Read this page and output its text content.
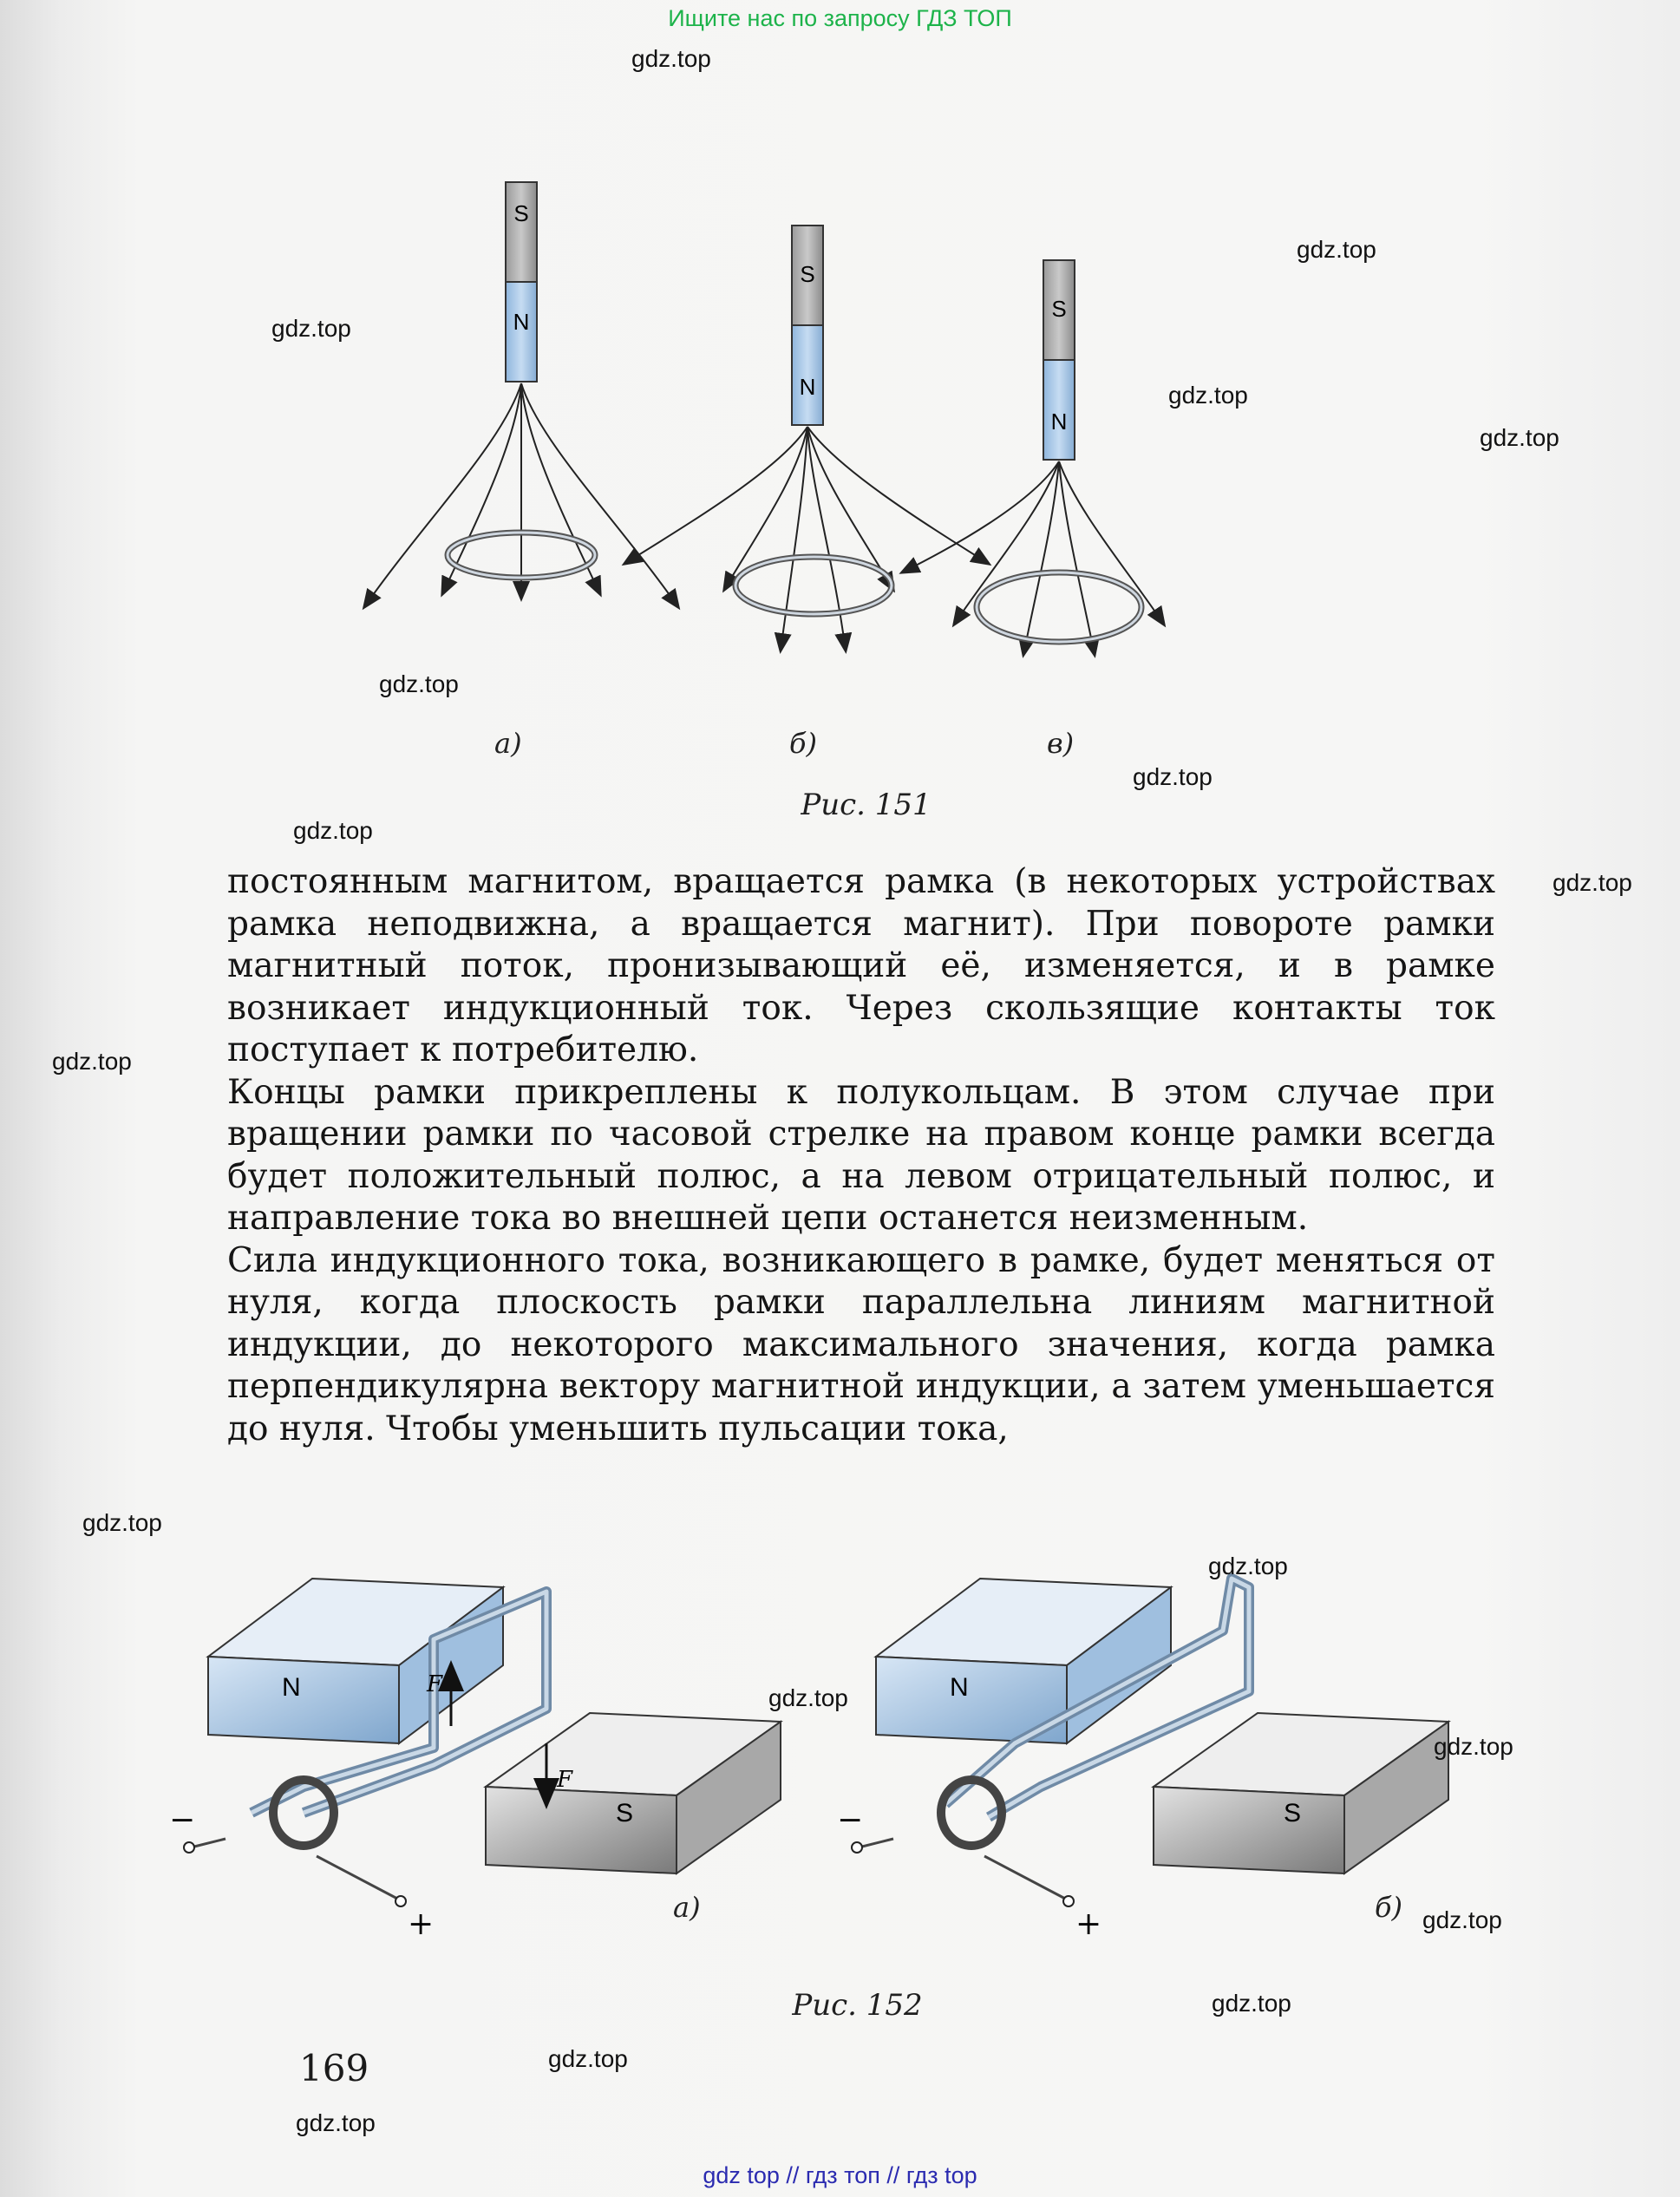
Ищите нас по запросу ГДЗ ТОП
S
N
S
N
S
N
а)	б)	в)
Рис. 151

постоянным магнитом, вращается рамка (в некоторых устройствах рамка неподвижна, а вращается магнит). При повороте рамки магнитный поток, пронизывающий её, изменяется, и в рамке возникает индукционный ток. Через скользящие контакты ток поступает к потребителю.

Концы рамки прикреплены к полукольцам. В этом случае при вращении рамки по часовой стрелке на правом конце рамки всегда будет положительный полюс, а на левом отрицательный полюс, и направление тока во внешней цепи останется неизменным.

Сила индукционного тока, возникающего в рамке, будет меняться от нуля, когда плоскость рамки параллельна линиям магнитной индукции, до некоторого максимального значения, когда рамка перпендикулярна вектору магнитной индукции, а затем уменьшается до нуля. Чтобы уменьшить пульсации тока,

N
S
F
F
−
+
N
S
−
+
а)	б)
Рис. 152
169
gdz.top
gdz.top
gdz.top
gdz.top
gdz.top
gdz.top
gdz.top
gdz.top
gdz.top
gdz.top
gdz.top
gdz.top
gdz.top
gdz.top
gdz.top
gdz.top
gdz.top
gdz.top
gdz top // гдз топ // гдз top
